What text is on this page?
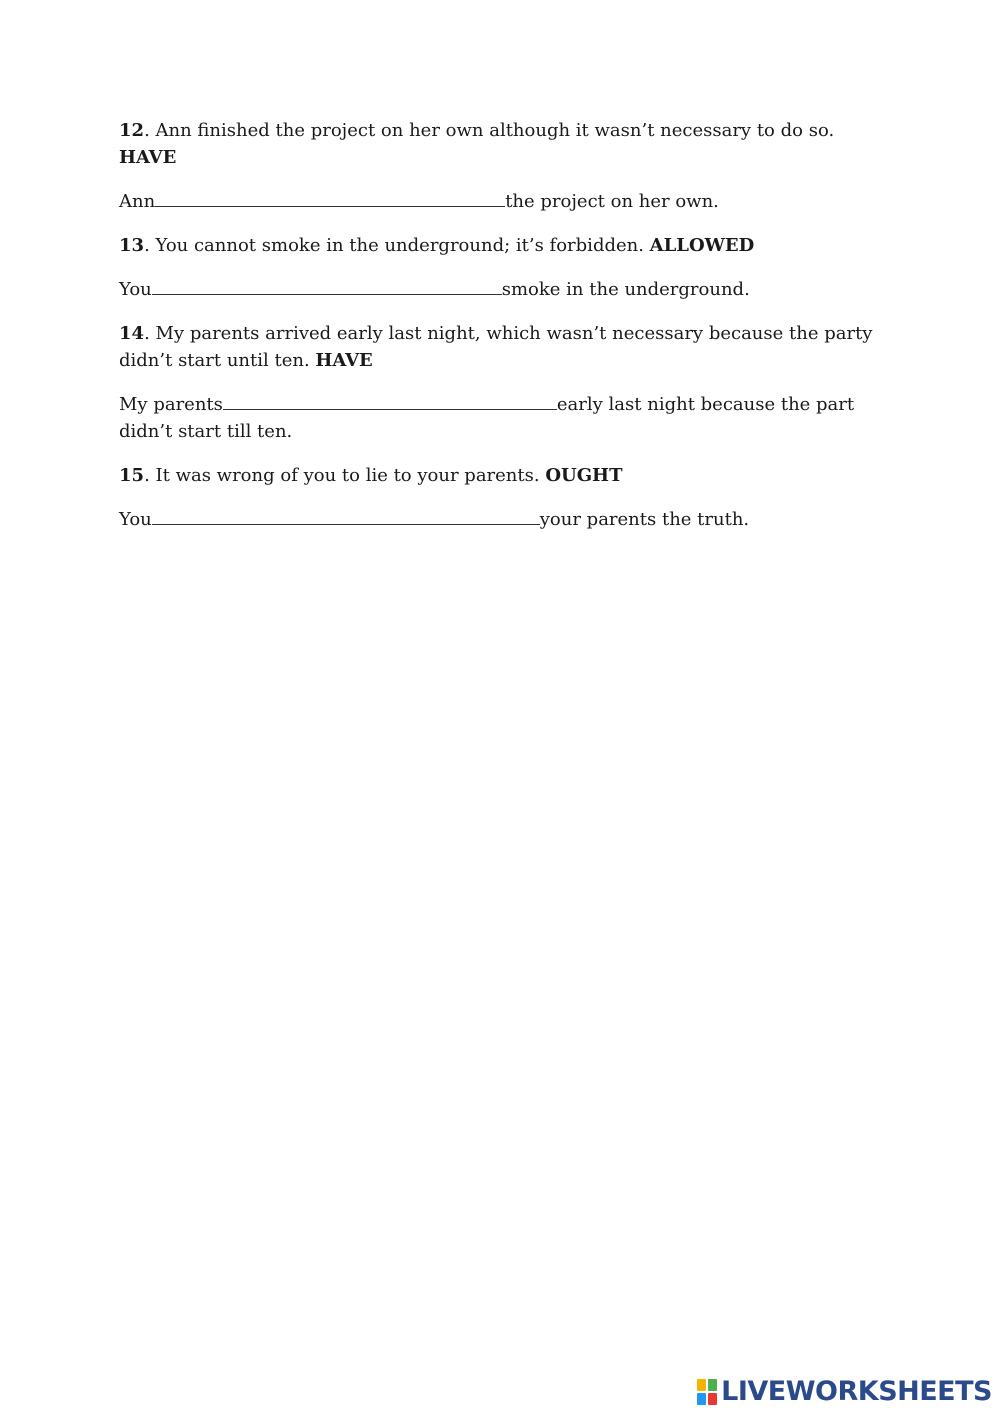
12. Ann finished the project on her own although it wasn’t necessary to do so. HAVE

Ann	the project on her own.

13. You cannot smoke in the underground; it’s forbidden. ALLOWED

You	smoke in the underground.

14. My parents arrived early last night, which wasn’t necessary because the party didn’t start until ten. HAVE

My parents	early last night because the part didn’t start till ten.

15. It was wrong of you to lie to your parents. OUGHT

You	your parents the truth.

LIVEWORKSHEETS
